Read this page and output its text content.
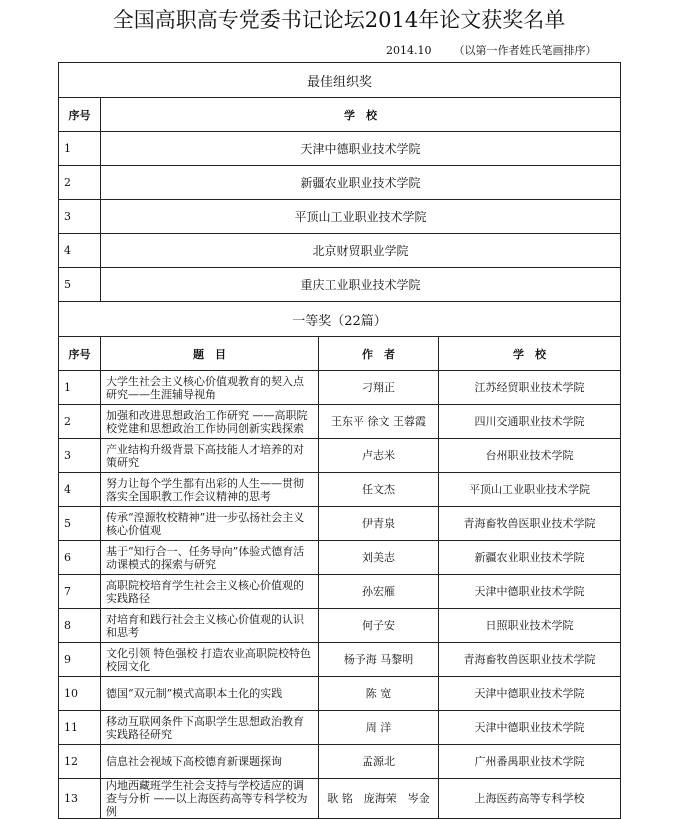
全国高职高专党委书记论坛2014年论文获奖名单
2014.10 （以第一作者姓氏笔画排序）
最佳组织奖			
序号	学　校		
1	天津中德职业技术学院		
2	新疆农业职业技术学院		
3	平顶山工业职业技术学院		
4	北京财贸职业学院		
5	重庆工业职业技术学院		
一等奖（22篇）			
序号	题　目	作　者	学　校
1	大学生社会主义核心价值观教育的契入点研究——生涯辅导视角	刁翔正	江苏经贸职业技术学院
2	加强和改进思想政治工作研究 ——高职院校党建和思想政治工作协同创新实践探索	王东平 徐文 王蓉霞	四川交通职业技术学院
3	产业结构升级背景下高技能人才培养的对策研究	卢志米	台州职业技术学院
4	努力让每个学生都有出彩的人生——贯彻落实全国职教工作会议精神的思考	任文杰	平顶山工业职业技术学院
5	传承“湟源牧校精神”进一步弘扬社会主义核心价值观	伊青泉	青海畜牧兽医职业技术学院
6	基于“知行合一、任务导向”体验式德育活动课模式的探索与研究	刘美志	新疆农业职业技术学院
7	高职院校培育学生社会主义核心价值观的实践路径	孙宏雁	天津中德职业技术学院
8	对培育和践行社会主义核心价值观的认识和思考	何子安	日照职业技术学院
9	文化引领 特色强校 打造农业高职院校特色校园文化	杨予海 马黎明	青海畜牧兽医职业技术学院
10	德国“双元制”模式高职本土化的实践	陈 宽	天津中德职业技术学院
11	移动互联网条件下高职学生思想政治教育实践路径研究	周 洋	天津中德职业技术学院
12	信息社会视域下高校德育新课题探询	孟源北	广州番禺职业技术学院
13	内地西藏班学生社会支持与学校适应的调查与分析 ——以上海医药高等专科学校为例	耿 铭　庞海荣　岑金	上海医药高等专科学校
